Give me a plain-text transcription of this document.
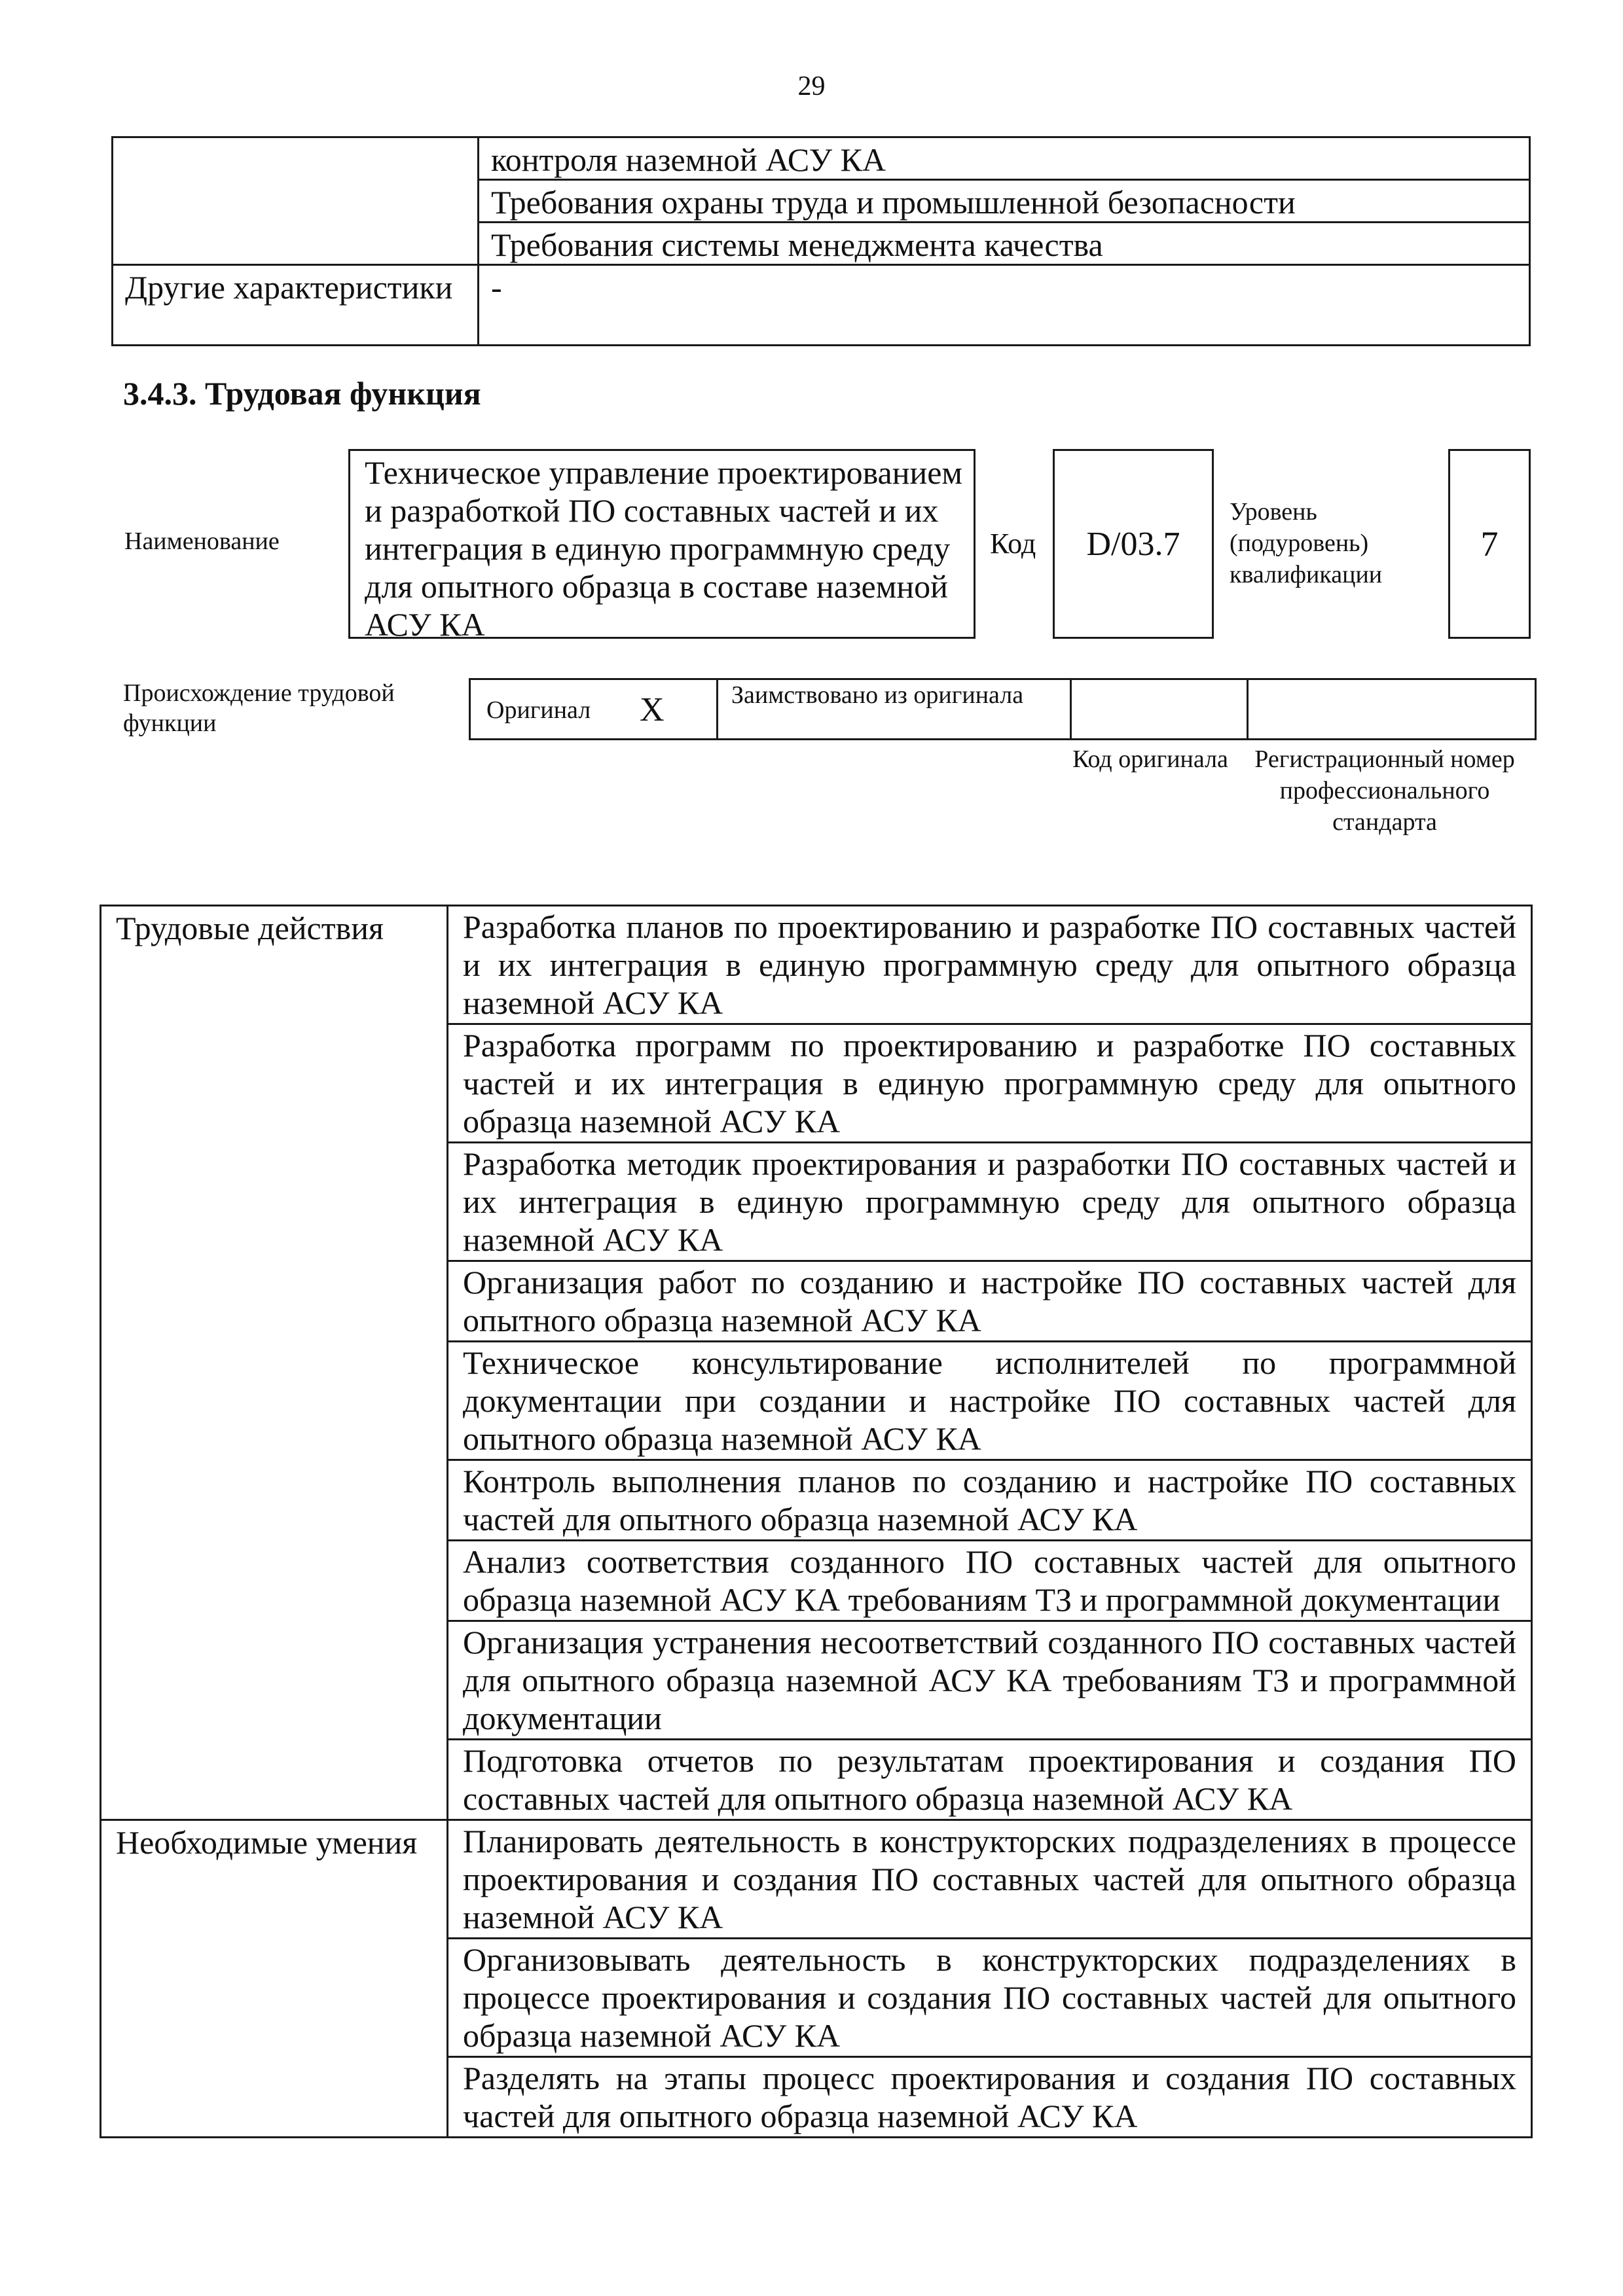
29
	контроля наземной АСУ КА
	Требования охраны труда и промышленной безопасности
	Требования системы менеджмента качества
Другие характеристики	-
3.4.3. Трудовая функция
Наименование
Техническое управление проектированием и разработкой ПО составных частей и их интеграция в единую программную среду для опытного образца в составе наземной АСУ КА
Код	D/03.7
Уровень (подуровень) квалификации
7
Происхождение трудовой функции	Оригинал X	Заимствовано из оригинала		
Код оригинала	Регистрационный номер профессионального стандарта
Трудовые действия	Разработка планов по проектированию и разработке ПО составных частей и их интеграция в единую программную среду для опытного образца наземной АСУ КА
	Разработка программ по проектированию и разработке ПО составных частей и их интеграция в единую программную среду для опытного образца наземной АСУ КА
	Разработка методик проектирования и разработки ПО составных частей и их интеграция в единую программную среду для опытного образца наземной АСУ КА
	Организация работ по созданию и настройке ПО составных частей для опытного образца наземной АСУ КА
	Техническое консультирование исполнителей по программной документации при создании и настройке ПО составных частей для опытного образца наземной АСУ КА
	Контроль выполнения планов по созданию и настройке ПО составных частей для опытного образца наземной АСУ КА
	Анализ соответствия созданного ПО составных частей для опытного образца наземной АСУ КА требованиям ТЗ и программной документации
	Организация устранения несоответствий созданного ПО составных частей для опытного образца наземной АСУ КА требованиям ТЗ и программной документации
	Подготовка отчетов по результатам проектирования и создания ПО составных частей для опытного образца наземной АСУ КА
Необходимые умения	Планировать деятельность в конструкторских подразделениях в процессе проектирования и создания ПО составных частей для опытного образца наземной АСУ КА
	Организовывать деятельность в конструкторских подразделениях в процессе проектирования и создания ПО составных частей для опытного образца наземной АСУ КА
	Разделять на этапы процесс проектирования и создания ПО составных частей для опытного образца наземной АСУ КА
